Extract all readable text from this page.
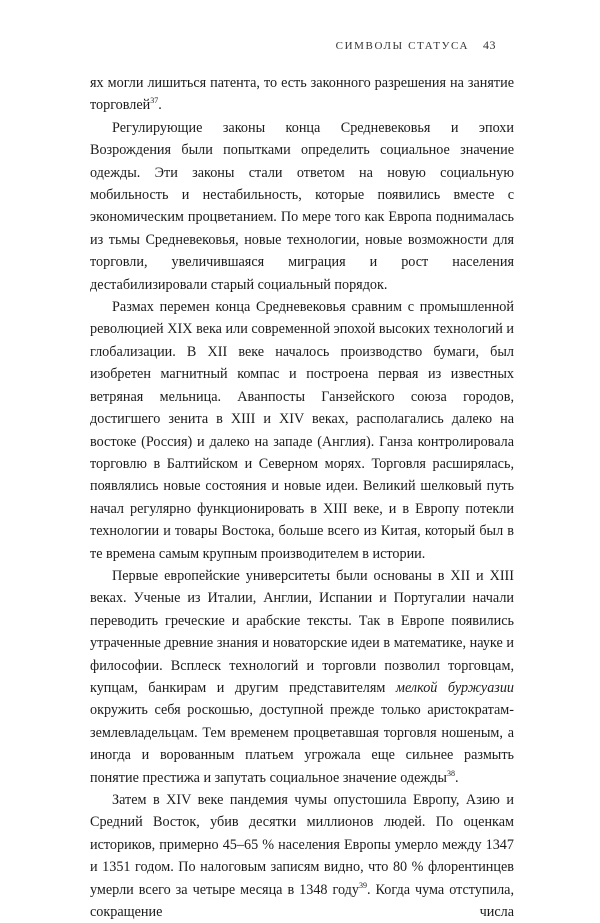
СИМВОЛЫ СТАТУСА 43

ях могли лишиться патента, то есть законного разрешения на занятие торговлей$^{37}$.

Регулирующие законы конца Средневековья и эпохи Возрождения были попытками определить социальное значение одежды. Эти законы стали ответом на новую социальную мобильность и нестабильность, которые появились вместе с экономическим процветанием. По мере того как Европа поднималась из тьмы Средневековья, новые технологии, новые возможности для торговли, увеличившаяся миграция и рост населения дестабилизировали старый социальный порядок.

Размах перемен конца Средневековья сравним с промышленной революцией XIX века или современной эпохой высоких технологий и глобализации. В XII веке началось производство бумаги, был изобретен магнитный компас и построена первая из известных ветряная мельница. Аванпосты Ганзейского союза городов, достигшего зенита в XIII и XIV веках, располагались далеко на востоке (Россия) и далеко на западе (Англия). Ганза контролировала торговлю в Балтийском и Северном морях. Торговля расширялась, появлялись новые состояния и новые идеи. Великий шелковый путь начал регулярно функционировать в XIII веке, и в Европу потекли технологии и товары Востока, больше всего из Китая, который был в те времена самым крупным производителем в истории.

Первые европейские университеты были основаны в XII и XIII веках. Ученые из Италии, Англии, Испании и Португалии начали переводить греческие и арабские тексты. Так в Европе появились утраченные древние знания и новаторские идеи в математике, науке и философии. Всплеск технологий и торговли позволил торговцам, купцам, банкирам и другим представителям мелкой буржуазии окружить себя роскошью, доступной прежде только аристократам-землевладельцам. Тем временем процветавшая торговля ношеным, а иногда и ворованным платьем угрожала еще сильнее размыть понятие престижа и запутать социальное значение одежды$^{38}$.

Затем в XIV веке пандемия чумы опустошила Европу, Азию и Средний Восток, убив десятки миллионов людей. По оценкам историков, примерно 45–65 % населения Европы умерло между 1347 и 1351 годом. По налоговым записям видно, что 80 % флорентинцев умерли всего за четыре месяца в 1348 году$^{39}$. Когда чума отступила, сокращение числа
